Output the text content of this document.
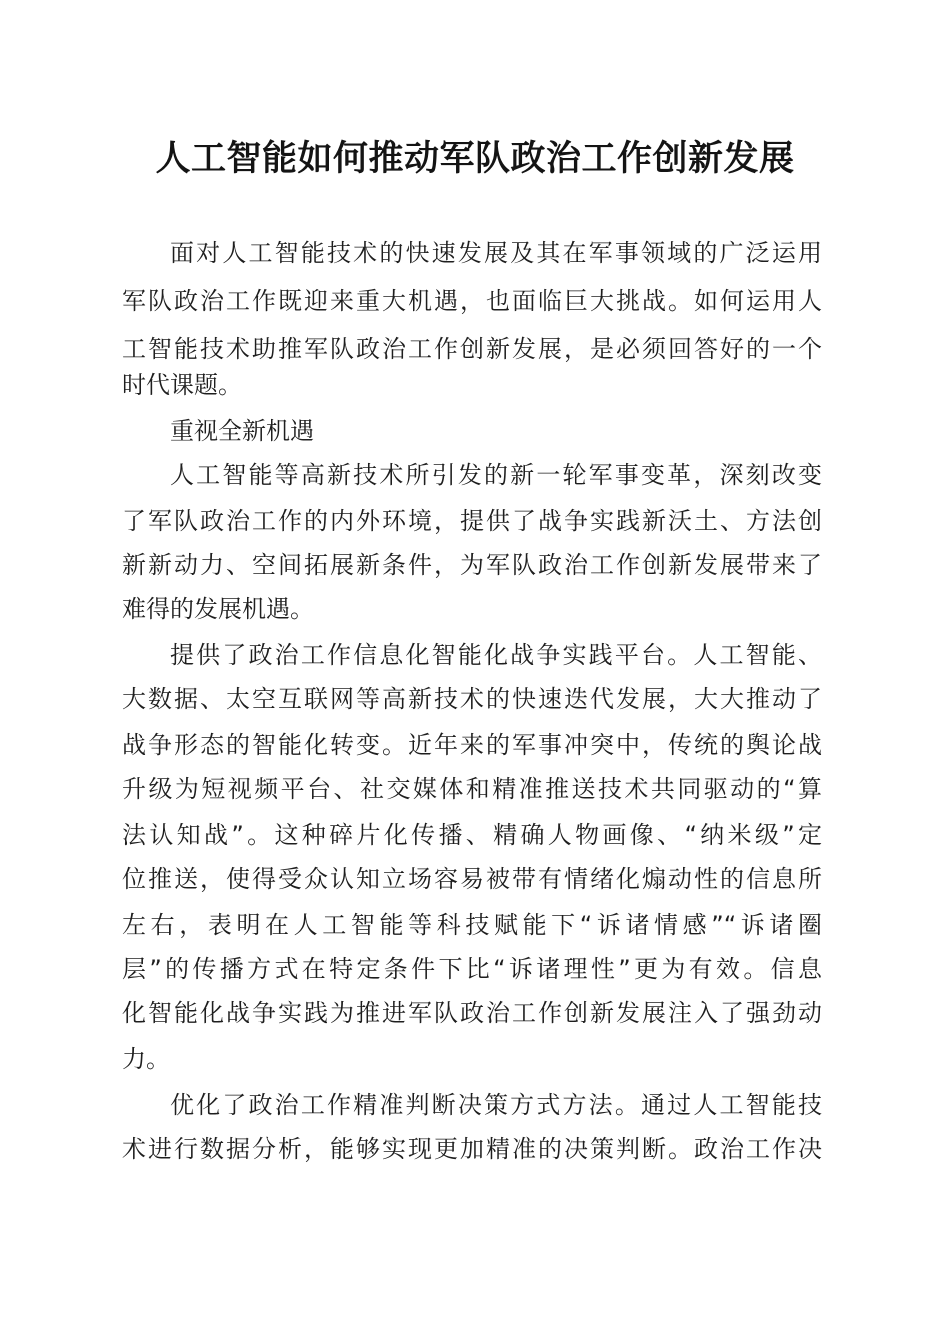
人工智能如何推动军队政治工作创新发展
面对人工智能技术的快速发展及其在军事领域的广泛运用
军队政治工作既迎来重大机遇，也面临巨大挑战。如何运用人
工智能技术助推军队政治工作创新发展，是必须回答好的一个
时代课题。
重视全新机遇
人工智能等高新技术所引发的新一轮军事变革，深刻改变
了军队政治工作的内外环境，提供了战争实践新沃土、方法创
新新动力、空间拓展新条件，为军队政治工作创新发展带来了
难得的发展机遇。
提供了政治工作信息化智能化战争实践平台。人工智能、
大数据、太空互联网等高新技术的快速迭代发展，大大推动了
战争形态的智能化转变。近年来的军事冲突中，传统的舆论战
升级为短视频平台、社交媒体和精准推送技术共同驱动的“算
法认知战”。这种碎片化传播、精确人物画像、“纳米级”定
位推送，使得受众认知立场容易被带有情绪化煽动性的信息所
左右，表明在人工智能等科技赋能下“诉诸情感”“诉诸圈
层”的传播方式在特定条件下比“诉诸理性”更为有效。信息
化智能化战争实践为推进军队政治工作创新发展注入了强劲动
力。
优化了政治工作精准判断决策方式方法。通过人工智能技
术进行数据分析，能够实现更加精准的决策判断。政治工作决
